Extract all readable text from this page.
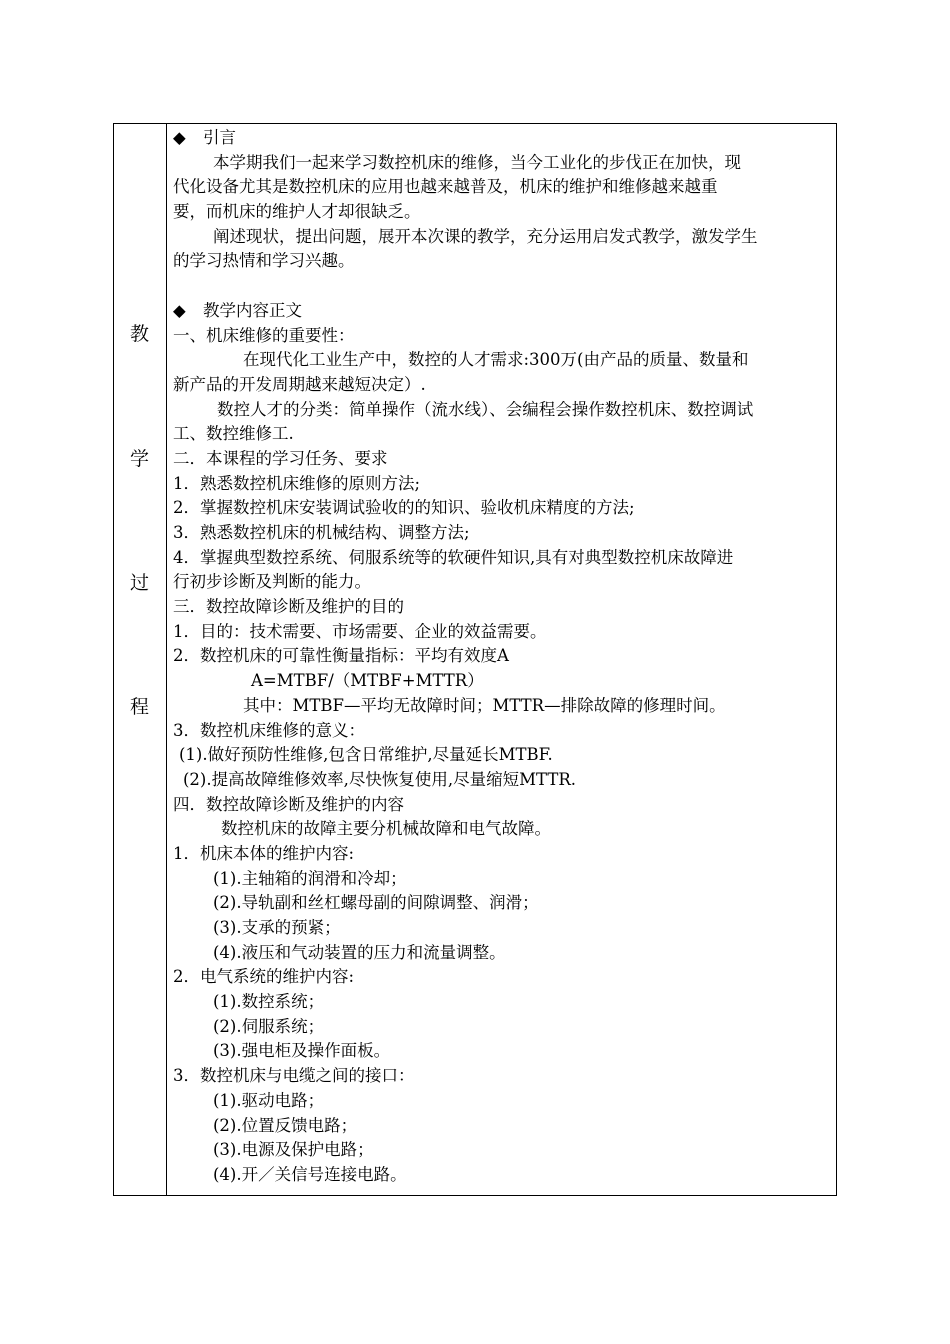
教
学
过
程
◆ 引言
本学期我们一起来学习数控机床的维修，当今工业化的步伐正在加快，现
代化设备尤其是数控机床的应用也越来越普及，机床的维护和维修越来越重
要，而机床的维护人才却很缺乏。
阐述现状，提出问题，展开本次课的教学，充分运用启发式教学，激发学生
的学习热情和学习兴趣。
◆ 教学内容正文
一、机床维修的重要性：
在现代化工业生产中，数控的人才需求:300万(由产品的质量、数量和
新产品的开发周期越来越短决定）.
数控人才的分类：简单操作（流水线）、会编程会操作数控机床、数控调试
工、数控维修工.
二．本课程的学习任务、要求
1．熟悉数控机床维修的原则方法;
2．掌握数控机床安装调试验收的的知识、验收机床精度的方法;
3．熟悉数控机床的机械结构、调整方法;
4．掌握典型数控系统、伺服系统等的软硬件知识,具有对典型数控机床故障进
行初步诊断及判断的能力。
三．数控故障诊断及维护的目的
1．目的：技术需要、市场需要、企业的效益需要。
2．数控机床的可靠性衡量指标：平均有效度A
A=MTBF/（MTBF+MTTR）
其中：MTBF—平均无故障时间；MTTR—排除故障的修理时间。
3．数控机床维修的意义：
(1).做好预防性维修,包含日常维护,尽量延长MTBF.
(2).提高故障维修效率,尽快恢复使用,尽量缩短MTTR.
四．数控故障诊断及维护的内容
数控机床的故障主要分机械故障和电气故障。
1．机床本体的维护内容:
(1).主轴箱的润滑和冷却；
(2).导轨副和丝杠螺母副的间隙调整、润滑；
(3).支承的预紧；
(4).液压和气动装置的压力和流量调整。
2．电气系统的维护内容:
(1).数控系统；
(2).伺服系统；
(3).强电柜及操作面板。
3．数控机床与电缆之间的接口：
(1).驱动电路；
(2).位置反馈电路；
(3).电源及保护电路；
(4).开／关信号连接电路。
